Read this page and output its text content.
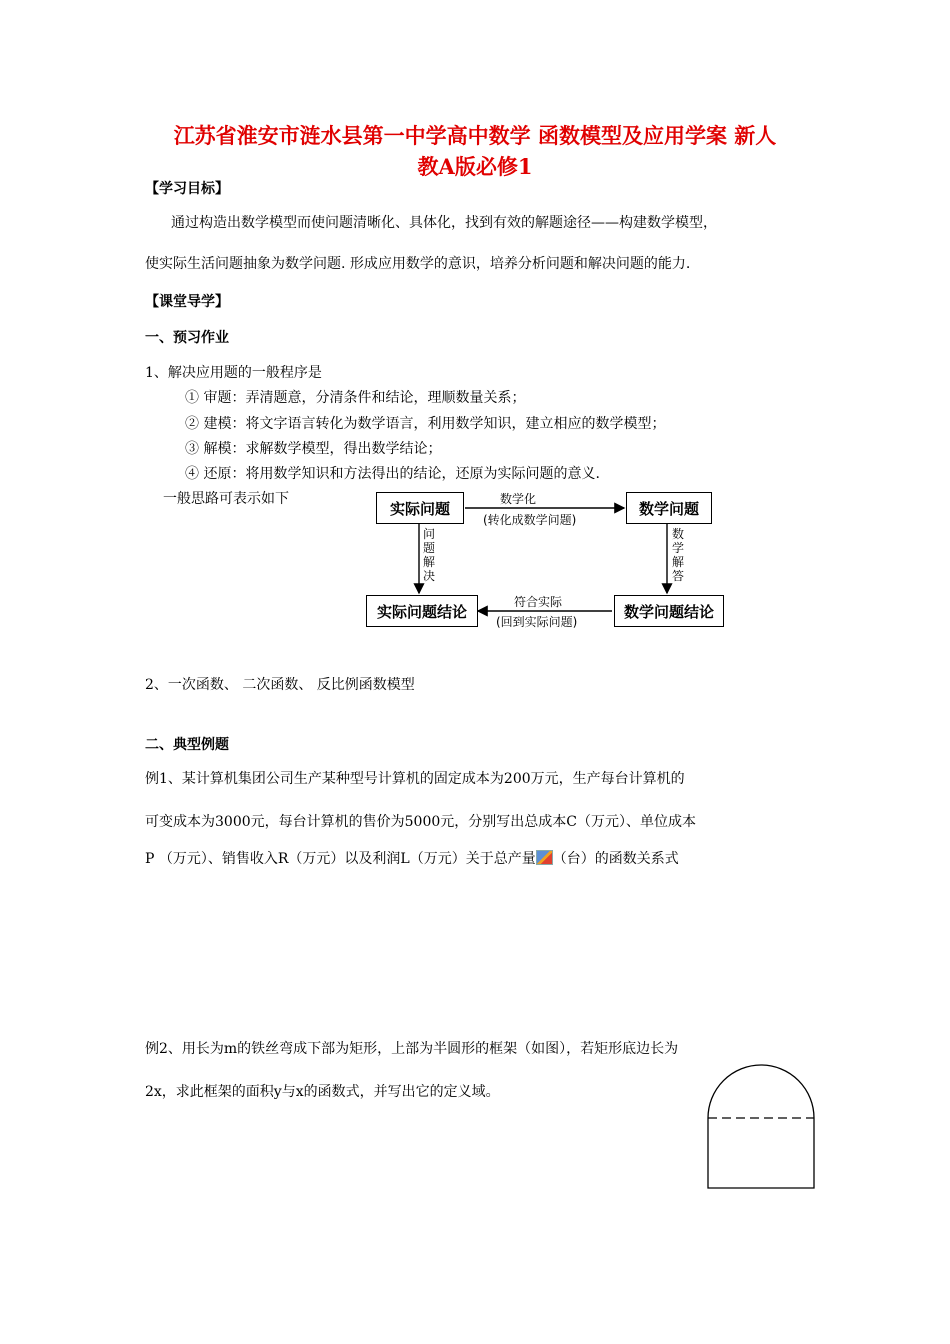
江苏省淮安市涟水县第一中学高中数学 函数模型及应用学案 新人
教A版必修1
【学习目标】
通过构造出数学模型而使问题清晰化、具体化，找到有效的解题途径——构建数学模型，
使实际生活问题抽象为数学问题. 形成应用数学的意识，培养分析问题和解决问题的能力.
【课堂导学】
一、预习作业
1、解决应用题的一般程序是
① 审题：弄清题意，分清条件和结论，理顺数量关系；
② 建模：将文字语言转化为数学语言，利用数学知识，建立相应的数学模型；
③ 解模：求解数学模型，得出数学结论；
④ 还原：将用数学知识和方法得出的结论，还原为实际问题的意义.
一般思路可表示如下
实际问题	数学问题
实际问题结论	数学问题结论
数学化
(转化成数学问题)
问题解决
数学解答
符合实际
(回到实际问题)
2、一次函数、 二次函数、 反比例函数模型
二、典型例题
例1、某计算机集团公司生产某种型号计算机的固定成本为200万元，生产每台计算机的
可变成本为3000元，每台计算机的售价为5000元，分别写出总成本C（万元）、单位成本
P （万元）、销售收入R（万元）以及利润L（万元）关于总产量 （台）的函数关系式
例2、用长为m的铁丝弯成下部为矩形，上部为半圆形的框架（如图），若矩形底边长为
2x，求此框架的面积y与x的函数式，并写出它的定义域。
